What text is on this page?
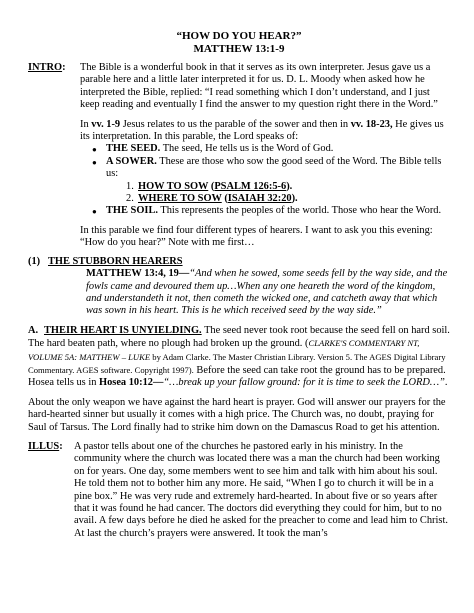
“HOW DO YOU HEAR?”
MATTHEW 13:1-9
INTRO:	The Bible is a wonderful book in that it serves as its own interpreter. Jesus gave us a parable here and a little later interpreted it for us. D. L. Moody when asked how he interpreted the Bible, replied: “I read something which I don’t understand, and I just keep reading and eventually I find the answer to my question right there in the Word.”

In vv. 1-9 Jesus relates to us the parable of the sower and then in vv. 18-23, He gives us its interpretation. In this parable, the Lord speaks of:

● THE SEED. The seed, He tells us is the Word of God.
● A SOWER. These are those who sow the good seed of the Word. The Bible tells us:
1. HOW TO SOW (PSALM 126:5-6).
2. WHERE TO SOW (ISAIAH 32:20).
● THE SOIL. This represents the peoples of the world. Those who hear the Word.

In this parable we find four different types of hearers. I want to ask you this evening: “How do you hear?” Note with me first…

(1) THE STUBBORN HEARERS

MATTHEW 13:4, 19—“And when he sowed, some seeds fell by the way side, and the fowls came and devoured them up…When any one heareth the word of the kingdom, and understandeth it not, then cometh the wicked one, and catcheth away that which was sown in his heart. This is he which received seed by the way side.”

A. THEIR HEART IS UNYIELDING. The seed never took root because the seed fell on hard soil. The hard beaten path, where no plough had broken up the ground. (CLARKE'S COMMENTARY NT, VOLUME 5A: MATTHEW – LUKE by Adam Clarke. The Master Christian Library. Version 5. The AGES Digital Library Commentary. AGES software. Copyright 1997). Before the seed can take root the ground has to be prepared. Hosea tells us in Hosea 10:12—“…break up your fallow ground: for it is time to seek the LORD…”.

About the only weapon we have against the hard heart is prayer. God will answer our prayers for the hard-hearted sinner but usually it comes with a high price. The Church was, no doubt, praying for Saul of Tarsus. The Lord finally had to strike him down on the Damascus Road to get his attention.

ILLUS:	A pastor tells about one of the churches he pastored early in his ministry. In the community where the church was located there was a man the church had been working on for years. One day, some members went to see him and talk with him about his soul. He told them not to bother him any more. He said, “When I go to church it will be in a pine box.” He was very rude and extremely hard-hearted. In about five or so years after that it was found he had cancer. The doctors did everything they could for him, but to no avail. A few days before he died he asked for the preacher to come and lead him to Christ. At last the church’s prayers were answered. It took the man’s
